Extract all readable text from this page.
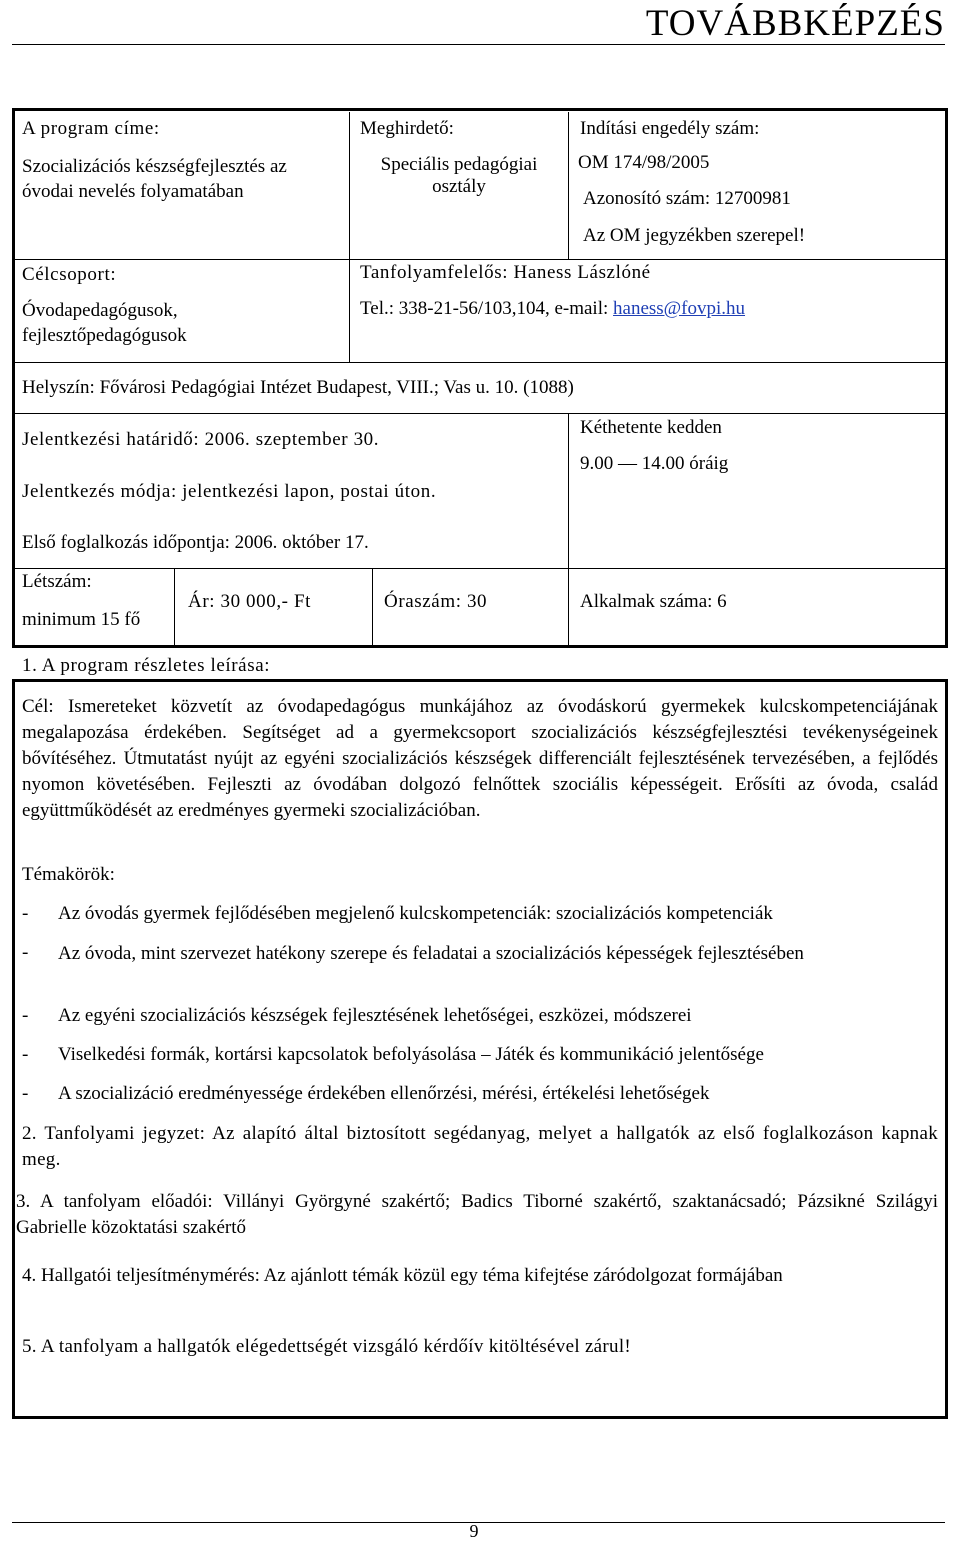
TOVÁBBKÉPZÉS
A program címe:
Szocializációs készségfejlesztés az
óvodai nevelés folyamatában
Célcsoport:
Óvodapedagógusok,
fejlesztőpedagógusok
Meghirdető:
Speciális pedagógiai
osztály
Indítási engedély szám:
OM 174/98/2005
Azonosító szám: 12700981
Az OM jegyzékben szerepel!
Tanfolyamfelelős: Haness Lászlóné
Tel.: 338-21-56/103,104, e-mail: haness@fovpi.hu
Helyszín: Fővárosi Pedagógiai Intézet Budapest, VIII.; Vas u. 10. (1088)
Jelentkezési határidő: 2006. szeptember 30.
Jelentkezés módja: jelentkezési lapon, postai úton.
Első foglalkozás időpontja: 2006. október 17.
Kéthetente kedden
9.00 — 14.00 óráig
Létszám:
minimum 15 fő
Ár: 30 000,- Ft	Óraszám: 30	Alkalmak száma: 6
1. A program részletes leírása:
Cél: Ismereteket közvetít az óvodapedagógus munkájához az óvodáskorú gyermekek kulcskompetenciájának megalapozása érdekében. Segítséget ad a gyermekcsoport szocializációs készségfejlesztési tevékenységeinek bővítéséhez. Útmutatást nyújt az egyéni szocializációs készségek differenciált fejlesztésének tervezésében, a fejlődés nyomon követésében. Fejleszti az óvodában dolgozó felnőttek szociális képességeit. Erősíti az óvoda, család együttműködését az eredményes gyermeki szocializációban.
Témakörök:
- Az óvodás gyermek fejlődésében megjelenő kulcskompetenciák: szocializációs kompetenciák
- Az óvoda, mint szervezet hatékony szerepe és feladatai a szocializációs képességek fejlesztésében
- Az egyéni szocializációs készségek fejlesztésének lehetőségei, eszközei, módszerei
- Viselkedési formák, kortársi kapcsolatok befolyásolása – Játék és kommunikáció jelentősége
- A szocializáció eredményessége érdekében ellenőrzési, mérési, értékelési lehetőségek
2. Tanfolyami jegyzet: Az alapító által biztosított segédanyag, melyet a hallgatók az első foglalkozáson kapnak meg.
3. A tanfolyam előadói: Villányi Györgyné szakértő; Badics Tiborné szakértő, szaktanácsadó; Pázsikné Szilágyi Gabrielle közoktatási szakértő
4. Hallgatói teljesítménymérés: Az ajánlott témák közül egy téma kifejtése záródolgozat formájában
5. A tanfolyam a hallgatók elégedettségét vizsgáló kérdőív kitöltésével zárul!
9
